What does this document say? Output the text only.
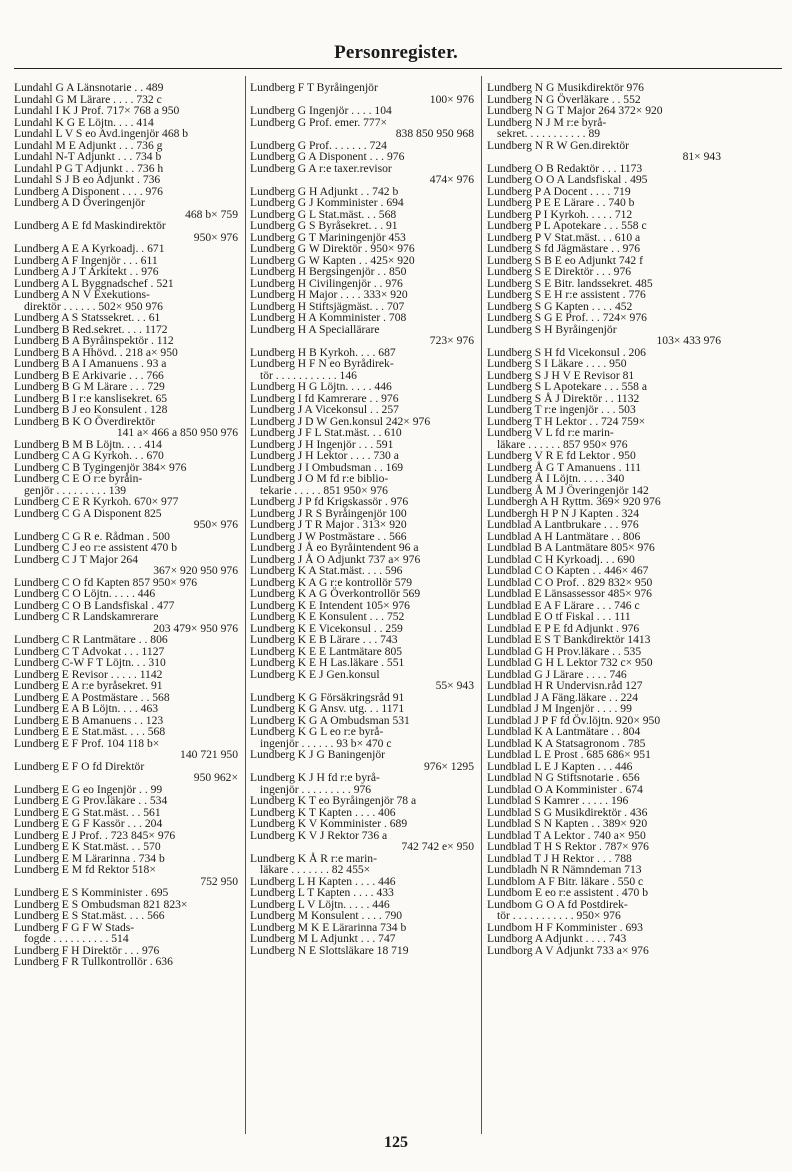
Personregister.
Lundahl G A Länsnotarie . . 489
Lundahl G M Lärare . . . . 732 c
Lundahl I K J Prof. 717× 768 a 950
Lundahl K G E Löjtn. . . . 414
Lundahl L V S eo Avd.ingenjör 468 b
Lundahl M E Adjunkt . . . 736 g
Lundahl N-T Adjunkt . . . 734 b
Lundahl P G T Adjunkt . . 736 h
Lundahl S J B eo Adjunkt . 736
Lundberg A Disponent . . . . 976
Lundberg A D Överingenjör
468 b× 759
Lundberg A E fd Maskindirektör
950× 976
Lundberg A E A Kyrkoadj. . 671
Lundberg A F Ingenjör . . . 611
Lundberg A J T Arkitekt . . 976
Lundberg A L Byggnadschef . 521
Lundberg A N V Exekutions-
direktör . . . . . . 502× 950 976
Lundberg A S Statssekret. . . 61
Lundberg B Red.sekret. . . . 1172
Lundberg B A Byråinspektör . 112
Lundberg B A Hhövd. . 218 a× 950
Lundberg B A I Amanuens . 93 a
Lundberg B E Arkivarie . . . 766
Lundberg B G M Lärare . . . 729
Lundberg B I r:e kanslisekret. 65
Lundberg B J eo Konsulent . 128
Lundberg B K O Överdirektör
141 a× 466 a 850 950 976
Lundberg B M B Löjtn. . . . 414
Lundberg C A G Kyrkoh. . . 670
Lundberg C B Tygingenjör 384× 976
Lundberg C E O r:e byråin-
genjör . . . . . . . . . 139
Lundberg C E R Kyrkoh. 670× 977
Lundberg C G A Disponent 825
950× 976
Lundberg C G R e. Rådman . 500
Lundberg C J eo r:e assistent 470 b
Lundberg C J T Major 264
367× 920 950 976
Lundberg C O fd Kapten 857 950× 976
Lundberg C O Löjtn. . . . . 446
Lundberg C O B Landsfiskal . 477
Lundberg C R Landskamrerare
203 479× 950 976
Lundberg C R Lantmätare . . 806
Lundberg C T Advokat . . . 1127
Lundberg C-W F T Löjtn. . . 310
Lundberg E Revisor . . . . . 1142
Lundberg E A r:e byråsekret. 91
Lundberg E A Postmästare . . 568
Lundberg E A B Löjtn. . . . 463
Lundberg E B Amanuens . . 123
Lundberg E E Stat.mäst. . . . 568
Lundberg E F Prof. 104 118 b×
140 721 950
Lundberg E F O fd Direktör
950 962×
Lundberg E G eo Ingenjör . . 99
Lundberg E G Prov.läkare . . 534
Lundberg E G Stat.mäst. . . 561
Lundberg E G F Kassör . . . 204
Lundberg E J Prof. . 723 845× 976
Lundberg E K Stat.mäst. . . 570
Lundberg E M Lärarinna . 734 b
Lundberg E M fd Rektor 518×
752 950
Lundberg E S Komminister . 695
Lundberg E S Ombudsman 821 823×
Lundberg E S Stat.mäst. . . . 566
Lundberg F G F W Stads-
fogde . . . . . . . . . . 514
Lundberg F H Direktör . . . 976
Lundberg F R Tullkontrollör . 636
Lundberg F T Byråingenjör
100× 976
Lundberg G Ingenjör . . . . 104
Lundberg G Prof. emer. 777×
838 850 950 968
Lundberg G Prof. . . . . . . 724
Lundberg G A Disponent . . . 976
Lundberg G A r:e taxer.revisor
474× 976
Lundberg G H Adjunkt . . 742 b
Lundberg G J Komminister . 694
Lundberg G L Stat.mäst. . . 568
Lundberg G S Byråsekret. . . 91
Lundberg G T Mariningenjör 453
Lundberg G W Direktör . 950× 976
Lundberg G W Kapten . . 425× 920
Lundberg H Bergsingenjör . . 850
Lundberg H Civilingenjör . . 976
Lundberg H Major . . . . 333× 920
Lundberg H Stiftsjägmäst. . . 707
Lundberg H A Komminister . 708
Lundberg H A Speciallärare
723× 976
Lundberg H B Kyrkoh. . . . 687
Lundberg H F N eo Byrådirek-
tör . . . . . . . . . . . 146
Lundberg H G Löjtn. . . . . 446
Lundberg I fd Kamrerare . . 976
Lundberg J A Vicekonsul . . 257
Lundberg J D W Gen.konsul 242× 976
Lundberg J F L Stat.mäst. . . 610
Lundberg J H Ingenjör . . . 591
Lundberg J H Lektor . . . . 730 a
Lundberg J I Ombudsman . . 169
Lundberg J O M fd r:e biblio-
tekarie . . . . . 851 950× 976
Lundberg J P fd Krigskassör . 976
Lundberg J R S Byråingenjör 100
Lundberg J T R Major . 313× 920
Lundberg J W Postmästare . . 566
Lundberg J Å eo Byråintendent 96 a
Lundberg J Å O Adjunkt 737 a× 976
Lundberg K A Stat.mäst. . . . 596
Lundberg K A G r:e kontrollör 579
Lundberg K A G Överkontrollör 569
Lundberg K E Intendent 105× 976
Lundberg K E Konsulent . . . 752
Lundberg K E Vicekonsul . . 259
Lundberg K E B Lärare . . . 743
Lundberg K E E Lantmätare 805
Lundberg K E H Las.läkare . 551
Lundberg K E J Gen.konsul
55× 943
Lundberg K G Försäkringsråd 91
Lundberg K G Ansv. utg. . . 1171
Lundberg K G A Ombudsman 531
Lundberg K G L eo r:e byrå-
ingenjör . . . . . . 93 b× 470 c
Lundberg K J G Baningenjör
976× 1295
Lundberg K J H fd r:e byrå-
ingenjör . . . . . . . . . 976
Lundberg K T eo Byråingenjör 78 a
Lundberg K T Kapten . . . . 406
Lundberg K V Komminister . 689
Lundberg K V J Rektor 736 a
742 742 e× 950
Lundberg K Å R r:e marin-
läkare . . . . . . . 82 455×
Lundberg L H Kapten . . . . 446
Lundberg L T Kapten . . . . 433
Lundberg L V Löjtn. . . . . 446
Lundberg M Konsulent . . . . 790
Lundberg M K E Lärarinna 734 b
Lundberg M L Adjunkt . . . 747
Lundberg N E Slottsläkare 18 719
Lundberg N G Musikdirektör 976
Lundberg N G Överläkare . . 552
Lundberg N G T Major 264 372× 920
Lundberg N J M r:e byrå-
sekret. . . . . . . . . . . 89
Lundberg N R W Gen.direktör
81× 943
Lundberg O B Redaktör . . . 1173
Lundberg O O A Landsfiskal . 495
Lundberg P A Docent . . . . 719
Lundberg P E E Lärare . . 740 b
Lundberg P I Kyrkoh. . . . . 712
Lundberg P L Apotekare . . . 558 c
Lundberg P V Stat.mäst. . . 610 a
Lundberg S fd Jägmästare . . 976
Lundberg S B E eo Adjunkt 742 f
Lundberg S E Direktör . . . 976
Lundberg S E Bitr. landssekret. 485
Lundberg S E H r:e assistent . 776
Lundberg S G Kapten . . . . 452
Lundberg S G E Prof. . . 724× 976
Lundberg S H Byråingenjör
103× 433 976
Lundberg S H fd Vicekonsul . 206
Lundberg S I Läkare . . . . 950
Lundberg S J H V E Revisor 81
Lundberg S L Apotekare . . . 558 a
Lundberg S Å J Direktör . . 1132
Lundberg T r:e ingenjör . . . 503
Lundberg T H Lektor . . 724 759×
Lundberg V L fd r:e marin-
läkare . . . . . . 857 950× 976
Lundberg V R E fd Lektor . 950
Lundberg Å G T Amanuens . 111
Lundberg Å I Löjtn. . . . . 340
Lundberg Å M J Överingenjör 142
Lundbergh A H Ryttm. 369× 920 976
Lundbergh H P N J Kapten . 324
Lundblad A Lantbrukare . . . 976
Lundblad A H Lantmätare . . 806
Lundblad B A Lantmätare 805× 976
Lundblad C H Kyrkoadj. . . 690
Lundblad C O Kapten . . 446× 467
Lundblad C O Prof. . 829 832× 950
Lundblad E Länsassessor 485× 976
Lundblad E A F Lärare . . . 746 c
Lundblad E O tf Fiskal . . . 111
Lundblad E P E fd Adjunkt . 976
Lundblad E S T Bankdirektör 1413
Lundblad G H Prov.läkare . . 535
Lundblad G H L Lektor 732 c× 950
Lundblad G J Lärare . . . . 746
Lundblad H R Undervisn.råd 127
Lundblad J A Fäng.läkare . . 224
Lundblad J M Ingenjör . . . . 99
Lundblad J P F fd Öv.löjtn. 920× 950
Lundblad K A Lantmätare . . 804
Lundblad K A Statsagronom . 785
Lundblad L E Prost . 685 686× 951
Lundblad L E J Kapten . . . 446
Lundblad N G Stiftsnotarie . 656
Lundblad O A Komminister . 674
Lundblad S Kamrer . . . . . 196
Lundblad S G Musikdirektör . 436
Lundblad S N Kapten . . 389× 920
Lundblad T A Lektor . 740 a× 950
Lundblad T H S Rektor . 787× 976
Lundblad T J H Rektor . . . 788
Lundbladh N R Nämndeman 713
Lundblom A F Bitr. läkare . 550 c
Lundbom E eo r:e assistent . 470 b
Lundbom G O A fd Postdirek-
tör . . . . . . . . . . . 950× 976
Lundbom H F Komminister . 693
Lundborg A Adjunkt . . . . 743
Lundborg A V Adjunkt 733 a× 976
125
